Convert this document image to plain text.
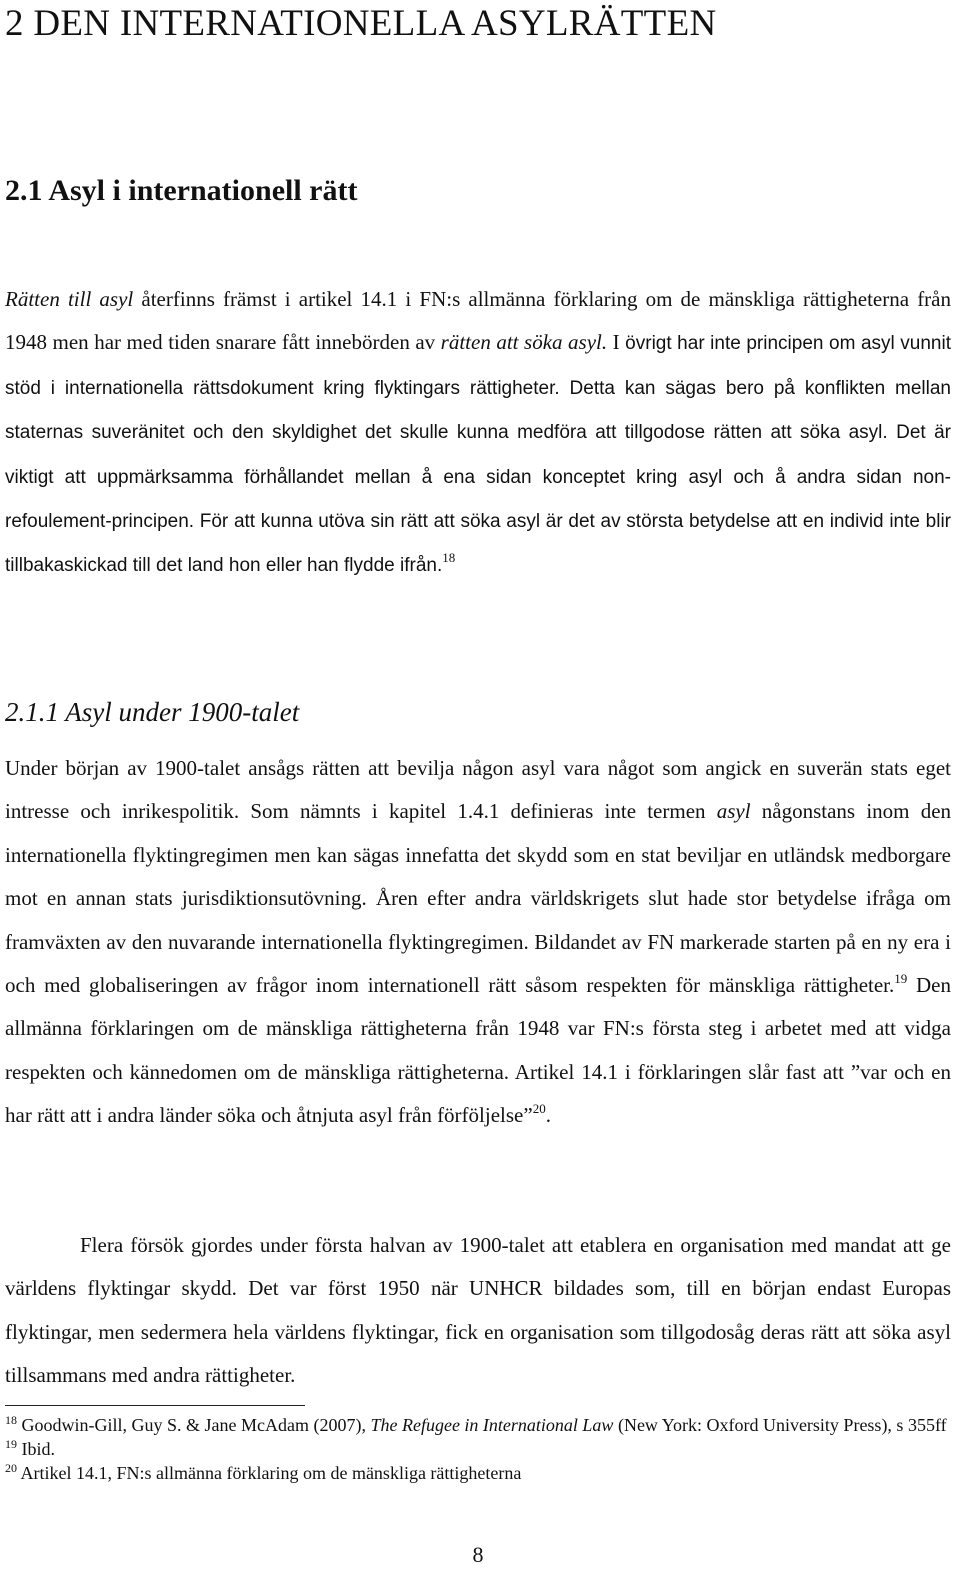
2 DEN INTERNATIONELLA ASYLRÄTTEN
2.1 Asyl i internationell rätt

Rätten till asyl återfinns främst i artikel 14.1 i FN:s allmänna förklaring om de mänskliga rättigheterna från 1948 men har med tiden snarare fått innebörden av rätten att söka asyl. I övrigt har inte principen om asyl vunnit stöd i internationella rättsdokument kring flyktingars rättigheter. Detta kan sägas bero på konflikten mellan staternas suveränitet och den skyldighet det skulle kunna medföra att tillgodose rätten att söka asyl. Det är viktigt att uppmärksamma förhållandet mellan å ena sidan konceptet kring asyl och å andra sidan non-refoulement-principen. För att kunna utöva sin rätt att söka asyl är det av största betydelse att en individ inte blir tillbakaskickad till det land hon eller han flydde ifrån.$^{18}$

2.1.1 Asyl under 1900-talet

Under början av 1900-talet ansågs rätten att bevilja någon asyl vara något som angick en suverän stats eget intresse och inrikespolitik. Som nämnts i kapitel 1.4.1 definieras inte termen asyl någonstans inom den internationella flyktingregimen men kan sägas innefatta det skydd som en stat beviljar en utländsk medborgare mot en annan stats jurisdiktionsutövning. Åren efter andra världskrigets slut hade stor betydelse ifråga om framväxten av den nuvarande internationella flyktingregimen. Bildandet av FN markerade starten på en ny era i och med globaliseringen av frågor inom internationell rätt såsom respekten för mänskliga rättigheter.$^{19}$ Den allmänna förklaringen om de mänskliga rättigheterna från 1948 var FN:s första steg i arbetet med att vidga respekten och kännedomen om de mänskliga rättigheterna. Artikel 14.1 i förklaringen slår fast att ”var och en har rätt att i andra länder söka och åtnjuta asyl från förföljelse”$^{20}$.

Flera försök gjordes under första halvan av 1900-talet att etablera en organisation med mandat att ge världens flyktingar skydd. Det var först 1950 när UNHCR bildades som, till en början endast Europas flyktingar, men sedermera hela världens flyktingar, fick en organisation som tillgodosåg deras rätt att söka asyl tillsammans med andra rättigheter.

$^{18}$ Goodwin-Gill, Guy S. & Jane McAdam (2007), The Refugee in International Law (New York: Oxford University Press), s 355ff

$^{19}$ Ibid.

$^{20}$ Artikel 14.1, FN:s allmänna förklaring om de mänskliga rättigheterna

8
